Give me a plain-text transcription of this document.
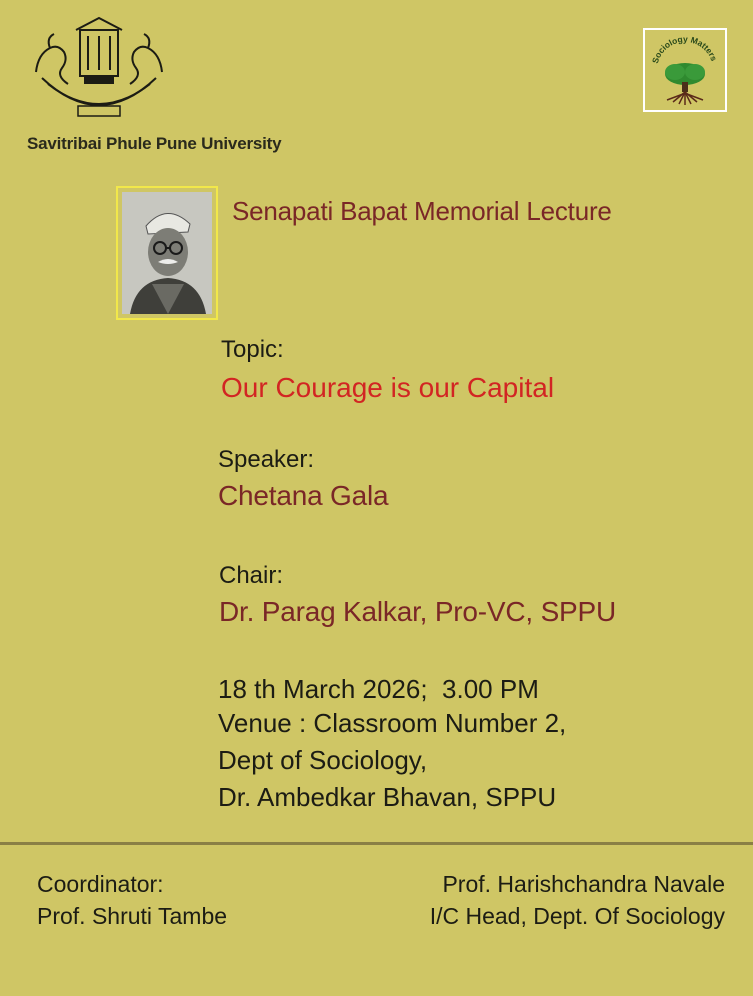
Savitribai Phule Pune University
Sociology Matters
Senapati Bapat Memorial Lecture
Topic:
Our Courage is our Capital
Speaker:
Chetana Gala
Chair:
Dr. Parag Kalkar, Pro-VC, SPPU
18 th March 2026;  3.00 PM
Venue : Classroom Number 2,
Dept of Sociology,
Dr. Ambedkar Bhavan, SPPU
Coordinator:
Prof. Shruti Tambe
Prof. Harishchandra Navale
I/C Head, Dept. Of Sociology
